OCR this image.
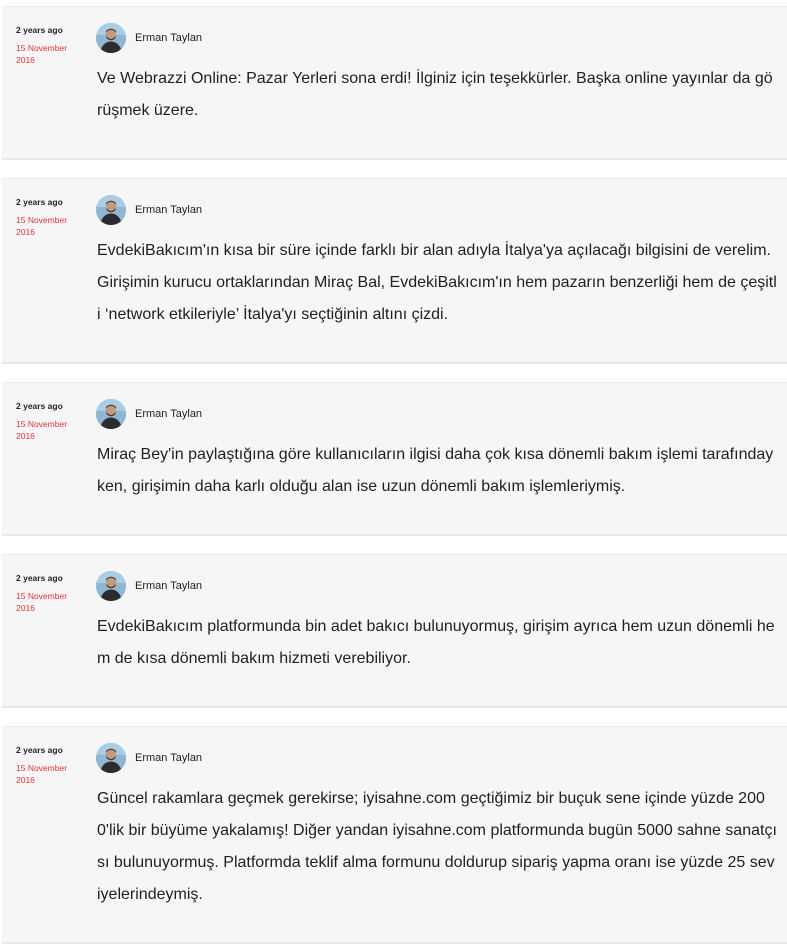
2 years ago
15 November 2016
Erman Taylan
Ve Webrazzi Online: Pazar Yerleri sona erdi! İlginiz için teşekkürler. Başka online yayınlar da görüşmek üzere.
2 years ago
15 November 2016
Erman Taylan
EvdekiBakıcım'ın kısa bir süre içinde farklı bir alan adıyla İtalya'ya açılacağı bilgisini de verelim. Girişimin kurucu ortaklarından Miraç Bal, EvdekiBakıcım'ın hem pazarın benzerliği hem de çeşitli ‘network etkileriyle’ İtalya'yı seçtiğinin altını çizdi.
2 years ago
15 November 2016
Erman Taylan
Miraç Bey'in paylaştığına göre kullanıcıların ilgisi daha çok kısa dönemli bakım işlemi tarafındayken, girişimin daha karlı olduğu alan ise uzun dönemli bakım işlemleriymiş.
2 years ago
15 November 2016
Erman Taylan
EvdekiBakıcım platformunda bin adet bakıcı bulunuyormuş, girişim ayrıca hem uzun dönemli hem de kısa dönemli bakım hizmeti verebiliyor.
2 years ago
15 November 2016
Erman Taylan
Güncel rakamlara geçmek gerekirse; iyisahne.com geçtiğimiz bir buçuk sene içinde yüzde 2000'lik bir büyüme yakalamış! Diğer yandan iyisahne.com platformunda bugün 5000 sahne sanatçısı bulunuyormuş. Platformda teklif alma formunu doldurup sipariş yapma oranı ise yüzde 25 seviyelerindeymiş.
